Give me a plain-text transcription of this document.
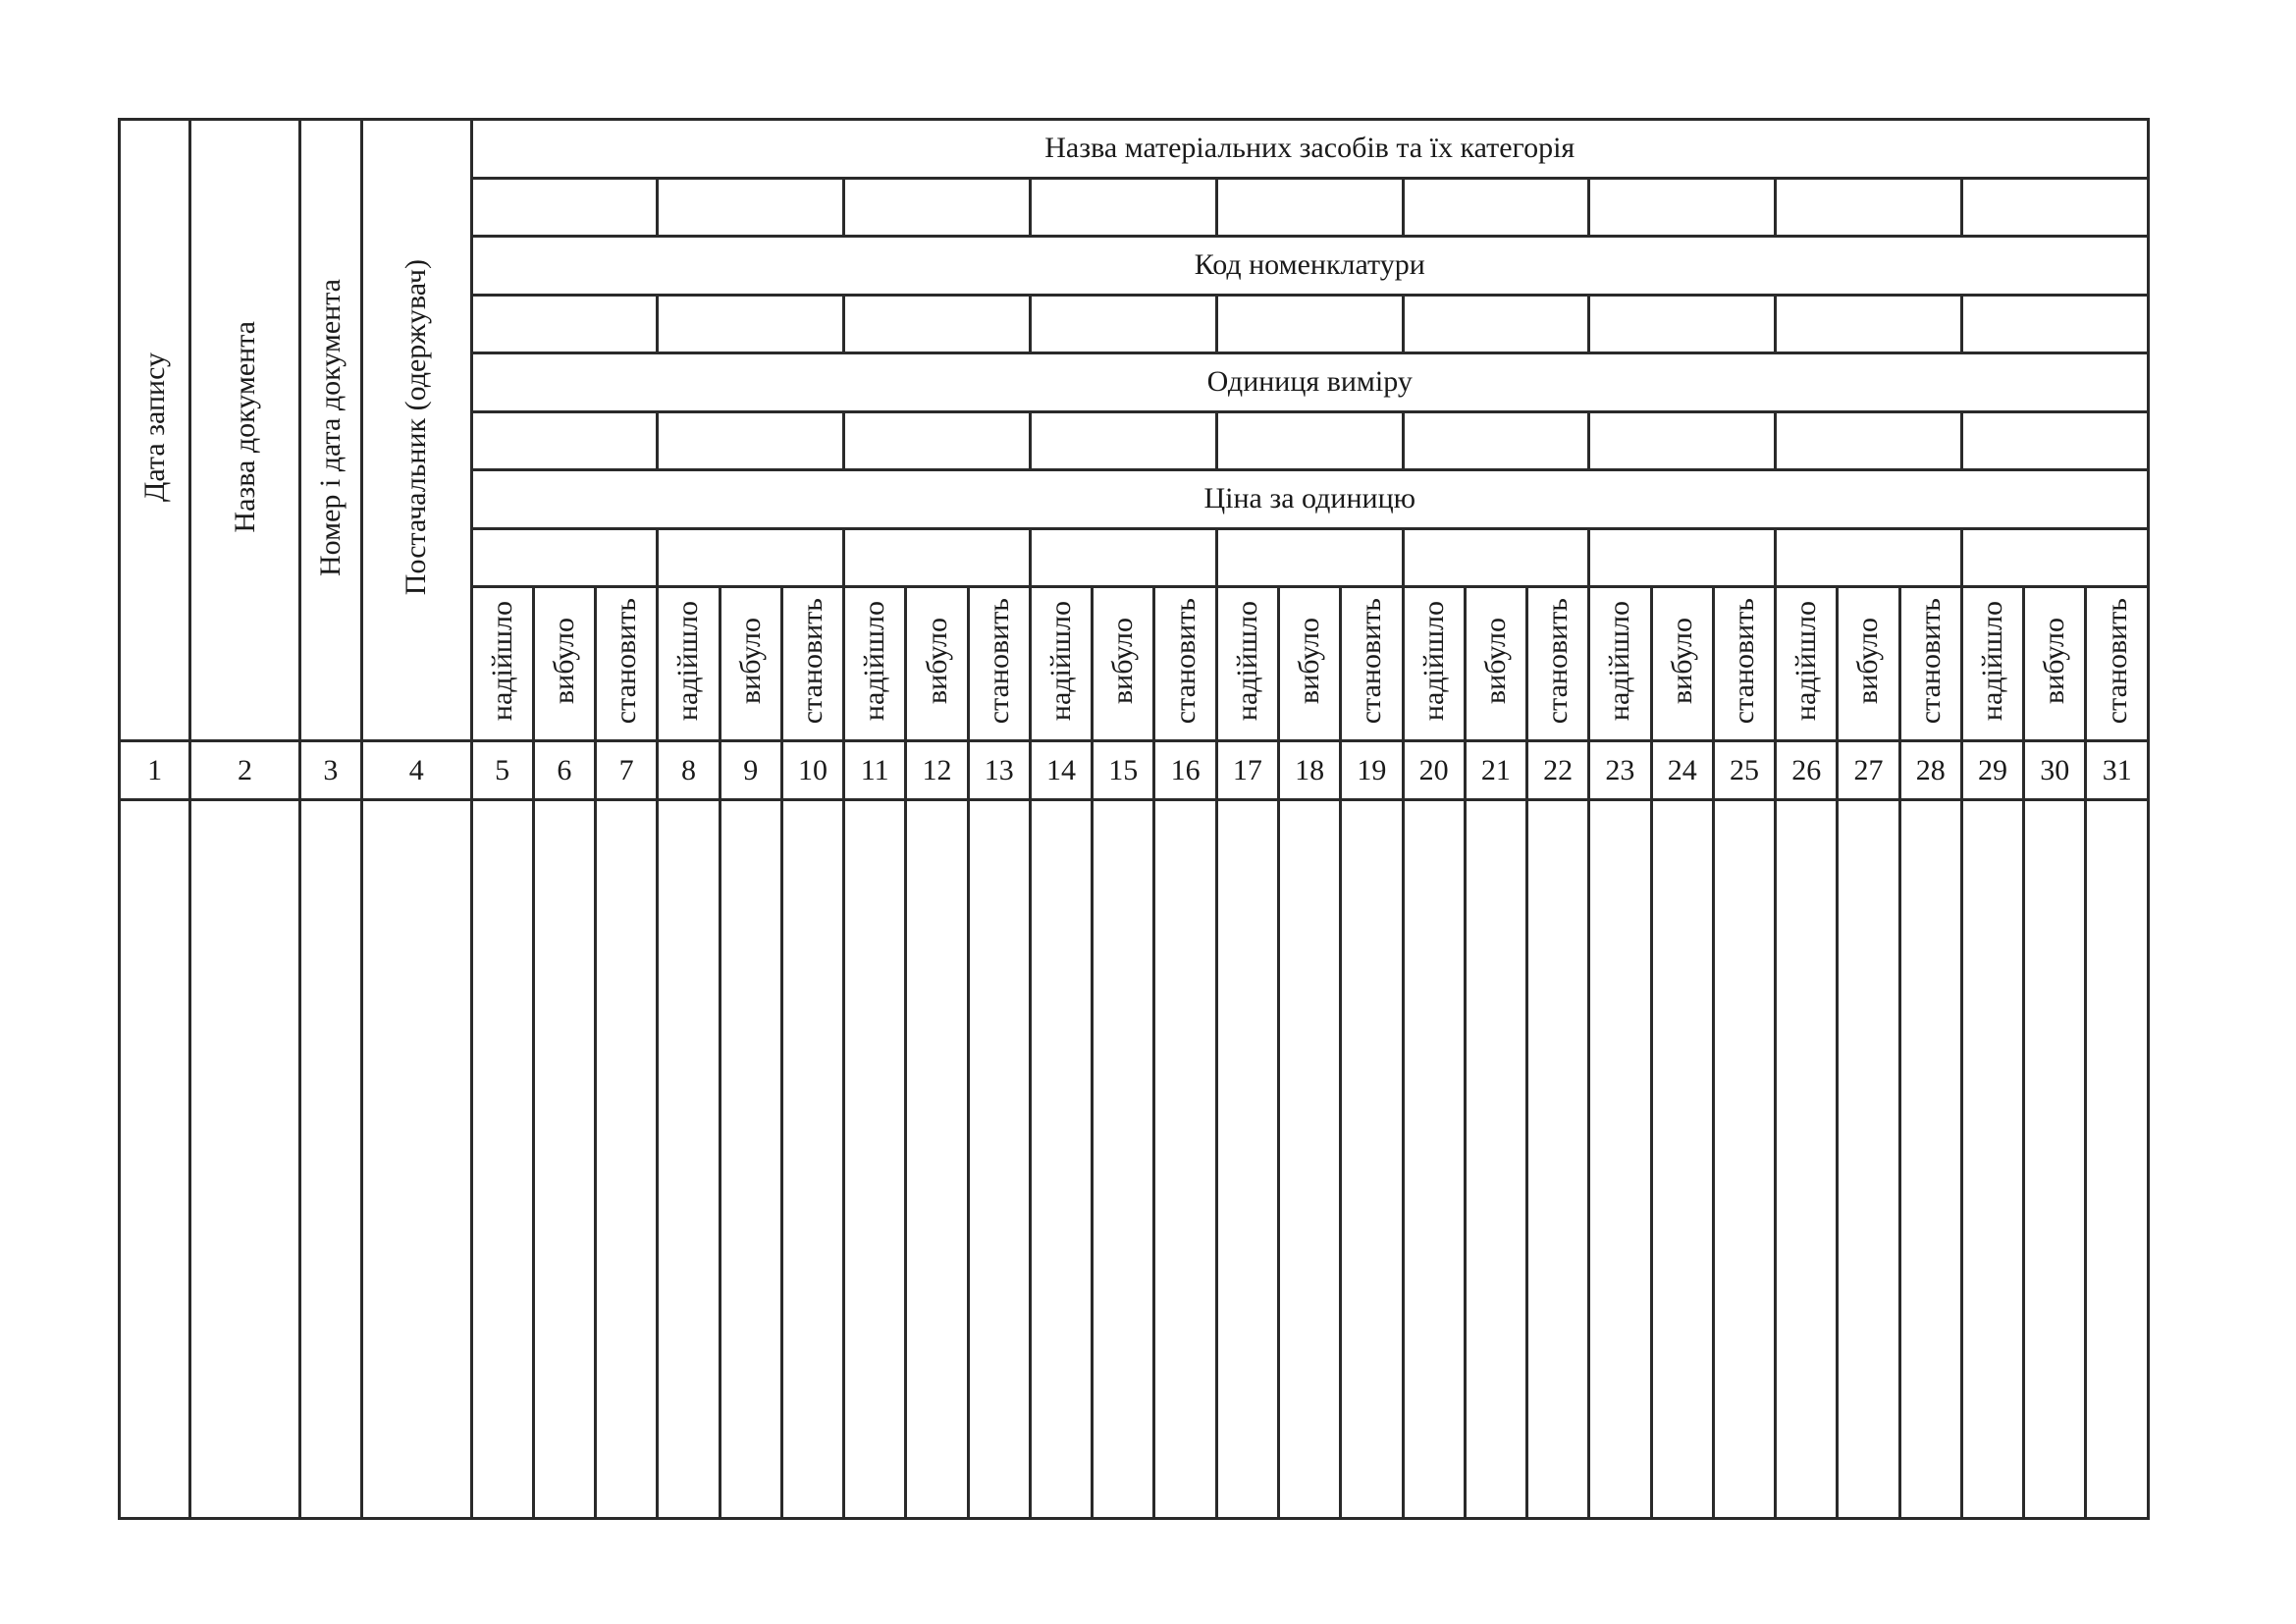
Дата запису	Назва документа	Номер і дата документа	Постачальник (одержувач)	Назва матеріальних засобів та їх категорія																										

				Код номенклатури																										

				Одиниця виміру																										

				Ціна за одиницю																										

				надійшло	вибуло	становить	надійшло	вибуло	становить	надійшло	вибуло	становить	надійшло	вибуло	становить	надійшло	вибуло	становить	надійшло	вибуло	становить	надійшло	вибуло	становить	надійшло	вибуло	становить	надійшло	вибуло	становить
1	2	3	4	5	6	7	8	9	10	11	12	13	14	15	16	17	18	19	20	21	22	23	24	25	26	27	28	29	30	31
